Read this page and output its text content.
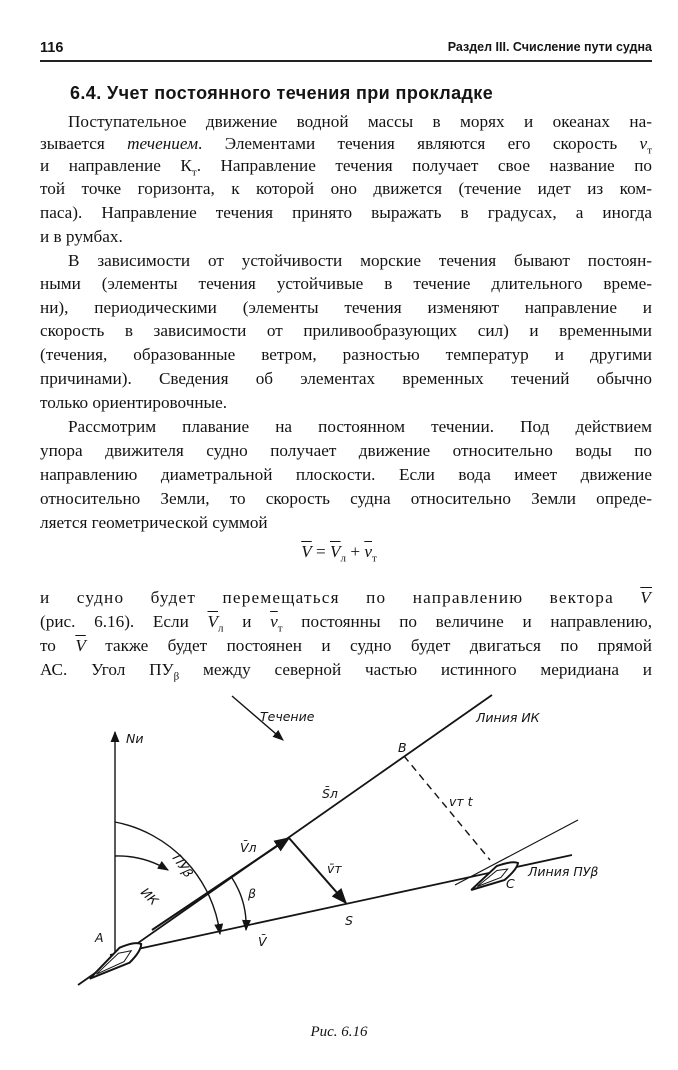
116	Раздел III. Счисление пути судна
6.4. Учет постоянного течения при прокладке
Поступательное движение водной массы в морях и океанах на-
зывается течением. Элементами течения являются его скорость $v_т$
и направление $К_т$. Направление течения получает свое название по
той точке горизонта, к которой оно движется (течение идет из ком-
паса). Направление течения принято выражать в градусах, а иногда
и в румбах.
В зависимости от устойчивости морские течения бывают постоян-
ными (элементы течения устойчивые в течение длительного време-
ни), периодическими (элементы течения изменяют направление и
скорость в зависимости от приливообразующих сил) и временными
(течения, образованные ветром, разностью температур и другими
причинами). Сведения об элементах временных течений обычно
только ориентировочные.
Рассмотрим плавание на постоянном течении. Под действием
упора движителя судно получает движение относительно воды по
направлению диаметральной плоскости. Если вода имеет движение
относительно Земли, то скорость судна относительно Земли опреде-
ляется геометрической суммой
$\overline{V} = \overline{V}_л + \overline{v}_т$
и судно будет перемещаться по направлению вектора $\overline{V}$
(рис. 6.16). Если $\overline{V}_л$ и $\overline{v}_т$ постоянны по величине и направлению,
то $\overline{V}$ также будет постоянен и судно будет двигаться по прямой
АС. Угол $ПУ_\beta$ между северной частью истинного меридиана и
Nи
Течение	Линия ИК
Линия ПУβ
A
B
C
S
S̄л
vт t
V̄л
v̄т
V̄
ИК
ПУβ
β
Рис. 6.16
